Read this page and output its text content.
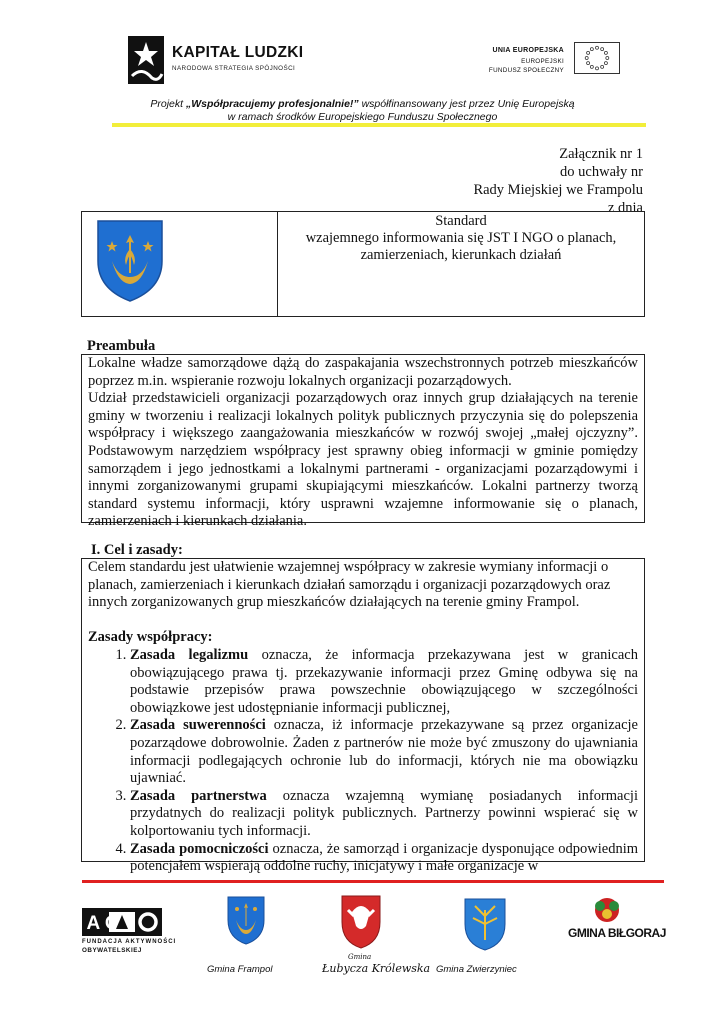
KAPITAŁ LUDZKI
NARODOWA STRATEGIA SPÓJNOŚCI
UNIA EUROPEJSKA
EUROPEJSKI
FUNDUSZ SPOŁECZNY
Projekt „Współpracujemy profesjonalnie!” współfinansowany jest przez Unię Europejską
w ramach środków Europejskiego Funduszu Społecznego
Załącznik nr 1
do uchwały nr
Rady Miejskiej we Frampolu
z dnia
Standard
wzajemnego informowania się JST I NGO o planach,
zamierzeniach, kierunkach działań
Preambuła

Lokalne władze samorządowe dążą do zaspakajania wszechstronnych potrzeb mieszkańców poprzez m.in. wspieranie rozwoju lokalnych organizacji pozarządowych.

Udział przedstawicieli organizacji pozarządowych oraz innych grup działających na terenie gminy w tworzeniu i realizacji lokalnych polityk publicznych przyczynia się do polepszenia współpracy i większego zaangażowania mieszkańców w rozwój swojej „małej ojczyzny”. Podstawowym narzędziem współpracy jest sprawny obieg informacji w gminie pomiędzy samorządem i jego jednostkami a lokalnymi partnerami - organizacjami pozarządowymi i innymi zorganizowanymi grupami skupiającymi mieszkańców. Lokalni partnerzy tworzą standard systemu informacji, który usprawni wzajemne informowanie się o planach, zamierzeniach i kierunkach działania.

I. Cel i zasady:

Celem standardu jest ułatwienie wzajemnej współpracy w zakresie wymiany informacji o planach, zamierzeniach i kierunkach działań samorządu i organizacji pozarządowych oraz innych zorganizowanych grup mieszkańców działających na terenie gminy Frampol.

Zasady współpracy:

1. Zasada legalizmu oznacza, że informacja przekazywana jest w granicach obowiązującego prawa tj. przekazywanie informacji przez Gminę odbywa się na podstawie przepisów prawa powszechnie obowiązującego w szczególności obowiązkowe jest udostępnianie informacji publicznej,
2. Zasada suwerenności oznacza, iż informacje przekazywane są przez organizacje pozarządowe dobrowolnie. Żaden z partnerów nie może być zmuszony do ujawniania informacji podlegających ochronie lub do informacji, których nie ma obowiązku ujawniać.
3. Zasada partnerstwa oznacza wzajemną wymianę posiadanych informacji przydatnych do realizacji polityk publicznych. Partnerzy powinni wspierać się w kolportowaniu tych informacji.
4. Zasada pomocniczości oznacza, że samorząd i organizacje dysponujące odpowiednim potencjałem wspierają oddolne ruchy, inicjatywy i małe organizacje w
F A O
FUNDACJA AKTYWNOŚCI
OBYWATELSKIEJ
Gmina Frampol
Gmina
Łubycza Królewska Gmina Zwierzyniec
GMINA BIŁGORAJ
